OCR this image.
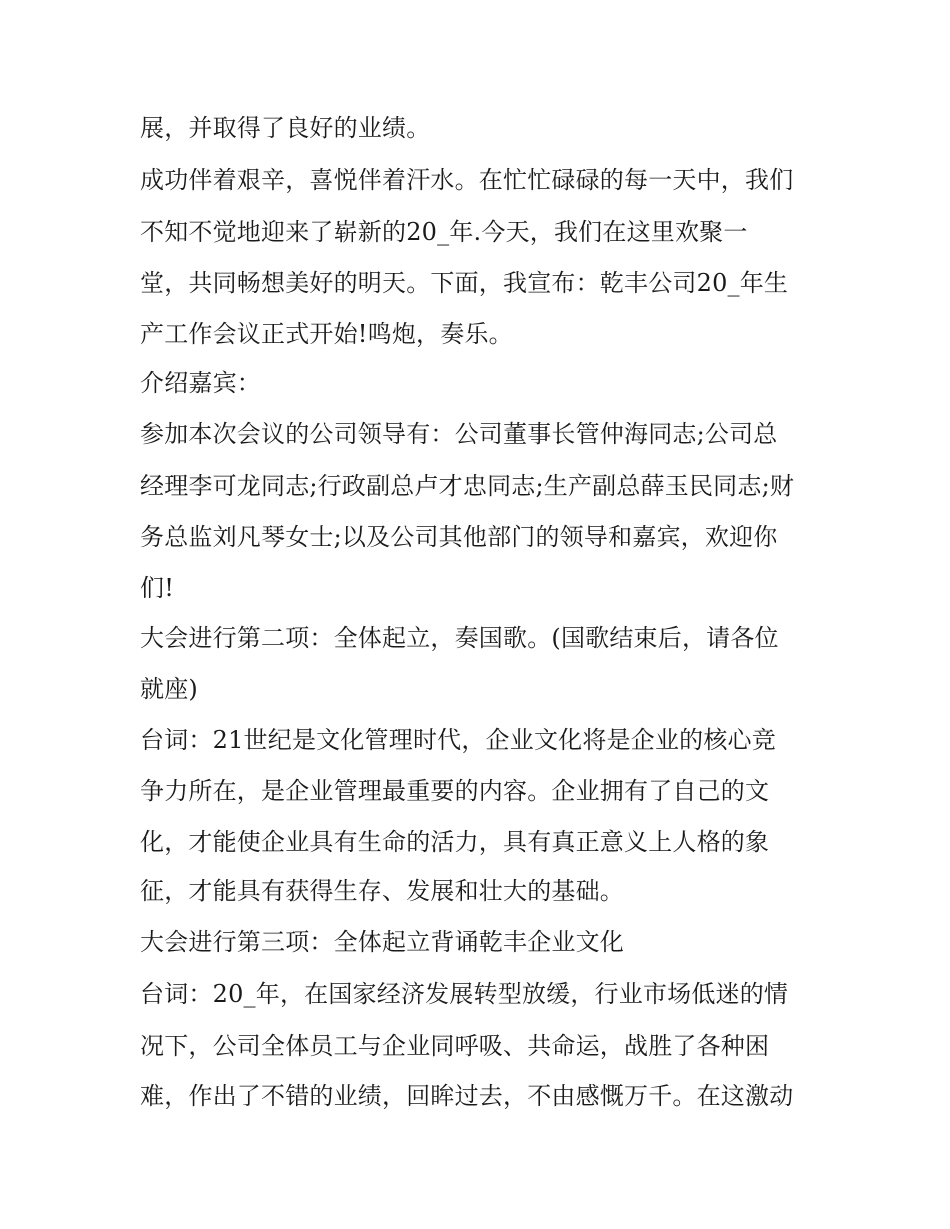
展，并取得了良好的业绩。
成功伴着艰辛，喜悦伴着汗水。在忙忙碌碌的每一天中，我们
不知不觉地迎来了崭新的20_年.今天，我们在这里欢聚一
堂，共同畅想美好的明天。下面，我宣布：乾丰公司20_年生
产工作会议正式开始!鸣炮，奏乐。
介绍嘉宾：
参加本次会议的公司领导有：公司董事长管仲海同志;公司总
经理李可龙同志;行政副总卢才忠同志;生产副总薛玉民同志;财
务总监刘凡琴女士;以及公司其他部门的领导和嘉宾，欢迎你
们!
大会进行第二项：全体起立，奏国歌。(国歌结束后，请各位
就座)
台词：21世纪是文化管理时代，企业文化将是企业的核心竞
争力所在，是企业管理最重要的内容。企业拥有了自己的文
化，才能使企业具有生命的活力，具有真正意义上人格的象
征，才能具有获得生存、发展和壮大的基础。
大会进行第三项：全体起立背诵乾丰企业文化
台词：20_年，在国家经济发展转型放缓，行业市场低迷的情
况下，公司全体员工与企业同呼吸、共命运，战胜了各种困
难，作出了不错的业绩，回眸过去，不由感慨万千。在这激动
